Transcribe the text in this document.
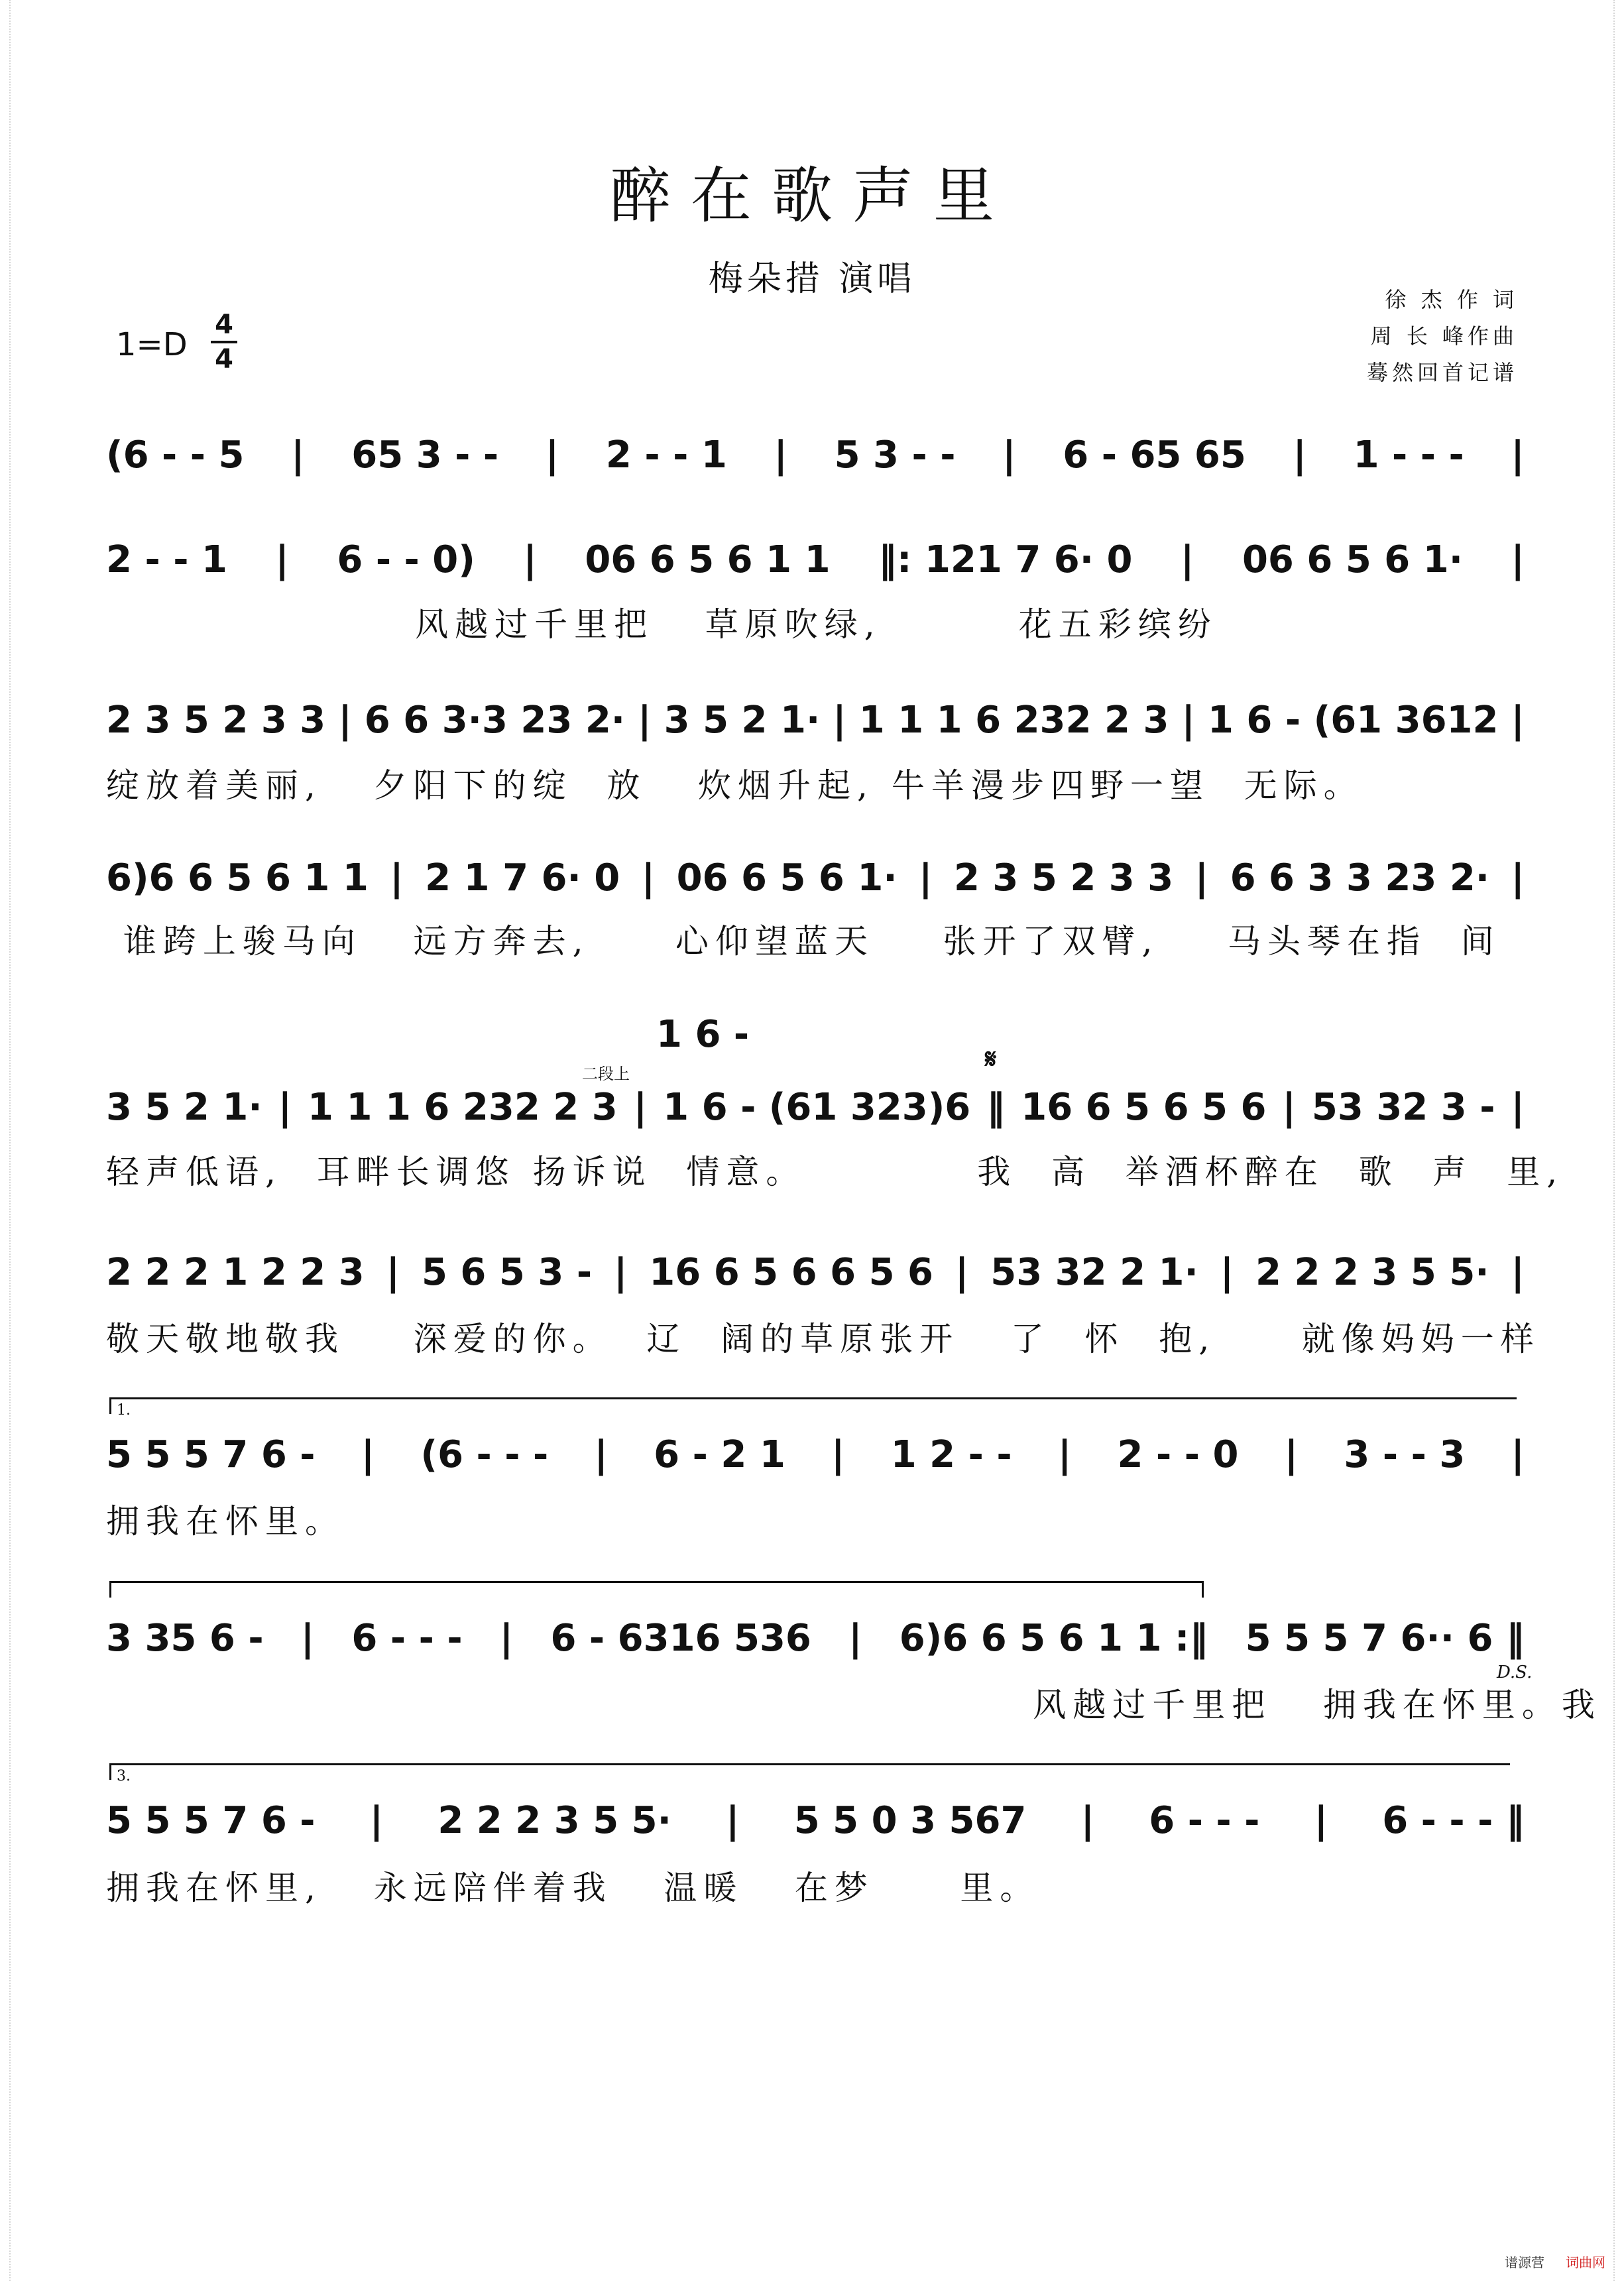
醉在歌声里
梅朵措 演唱
徐 杰 作 词
周 长 峰作曲
蓦然回首记谱
1=D
4
4
(6 - - 5 | 65 3 - - | 2 - - 1 | 5 3 - - | 6 - 65 65 | 1 - - - |
2 - - 1 | 6 - - 0) | 06 6 5 6 1 1 ‖: 121 7 6· 0 | 06 6 5 6 1· |
风越过千里把   草原吹绿,        花五彩缤纷
2 3 5 2 3 3 | 6 6 3·3 23 2· | 3 5 2 1· | 1 1 1 6 232 2 3 | 1 6 - (61 3612 |
绽放着美丽,   夕阳下的绽  放   炊烟升起, 牛羊漫步四野一望  无际。
6)6 6 5 6 1 1 | 2 1 7 6· 0 | 06 6 5 6 1· | 2 3 5 2 3 3 | 6 6 3 3 23 2· |
谁跨上骏马向   远方奔去,     心仰望蓝天    张开了双臂,    马头琴在指  间
1 6 -
二段上	𝄋
3 5 2 1· | 1 1 1 6 232 2 3 | 1 6 - (61 323)6 ‖ 16 6 5 6 5 6 | 53 32 3 - |
轻声低语,  耳畔长调悠 扬诉说  情意。          我  高  举酒杯醉在  歌  声  里,
2 2 2 1 2 2 3 | 5 6 5 3 - | 16 6 5 6 6 5 6 | 53 32 2 1· | 2 2 2 3 5 5· |
敬天敬地敬我    深爱的你。  辽  阔的草原张开   了  怀  抱,     就像妈妈一样
1.
5 5 5 7 6 - | (6 - - - | 6 - 2 1 | 1 2 - - | 2 - - 0 | 3 - - 3 |
拥我在怀里。
3 35 6 - | 6 - - - | 6 - 6316 536 | 6)6 6 5 6 1 1 :‖ 5 5 5 7 6·· 6 ‖
D.S.
风越过千里把   拥我在怀里。我
3.
5 5 5 7 6 - | 2 2 2 3 5 5· | 5 5 0 3 567 | 6 - - - | 6 - - - ‖
拥我在怀里,   永远陪伴着我   温暖   在梦     里。
谱源营 词曲网
